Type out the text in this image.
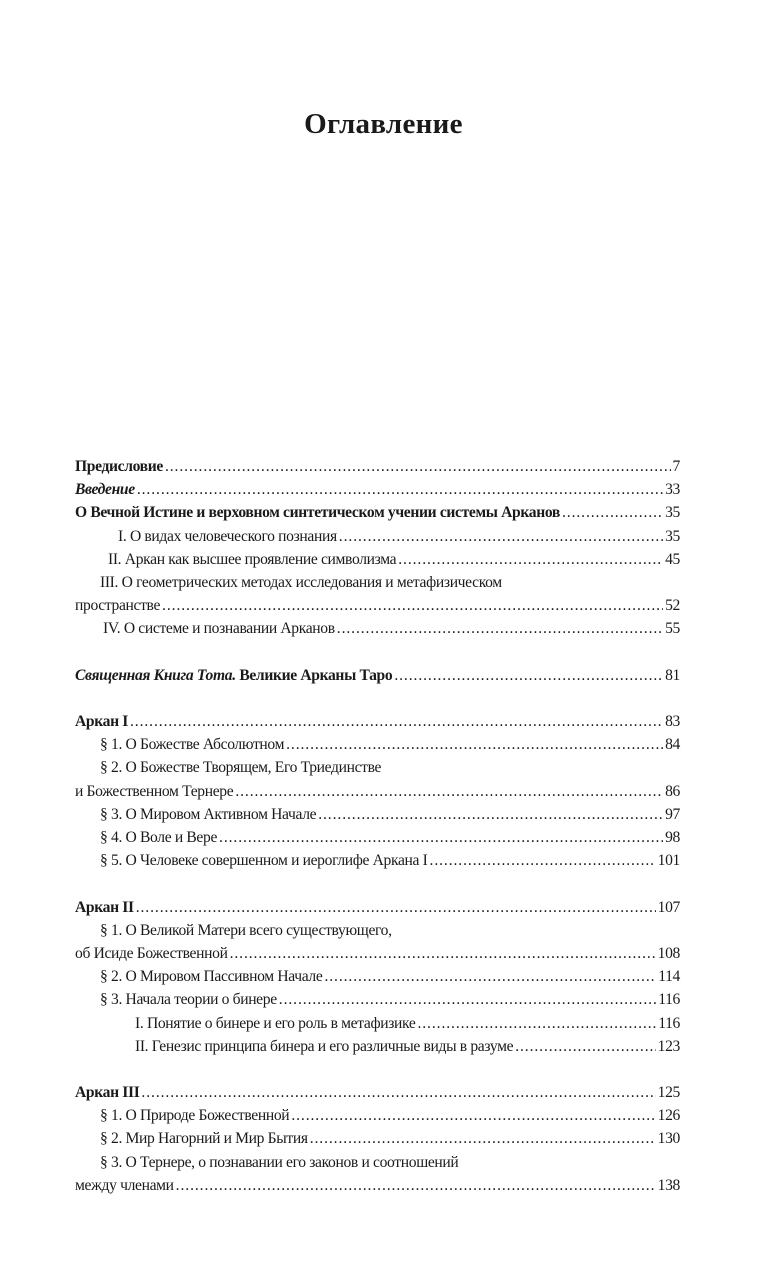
Оглавление
Предисловие . . .	7
Введение . . .	33
О Вечной Истине и верховном синтетическом учении системы Арканов . . .	35
I. О видах человеческого познания . . .	35
II. Аркан как высшее проявление символизма . . .	45
III. О геометрических методах исследования и метафизическом
пространстве . . .	52
IV. О системе и познавании Арканов . . .	55
Священная Книга Тота. Великие Арканы Таро . . .	81
Аркан I . . .	83
§ 1. О Божестве Абсолютном . . .	84
§ 2. О Божестве Творящем, Его Триединстве
и Божественном Тернере . . .	86
§ 3. О Мировом Активном Начале . . .	97
§ 4. О Воле и Вере . . .	98
§ 5. О Человеке совершенном и иероглифе Аркана I . . .	101
Аркан II . . .	107
§ 1. О Великой Матери всего существующего,
об Исиде Божественной . . .	108
§ 2. О Мировом Пассивном Начале . . .	114
§ 3. Начала теории о бинере . . .	116
I. Понятие о бинере и его роль в метафизике . . .	116
II. Генезис принципа бинера и его различные виды в разуме . . .	123
Аркан III . . .	125
§ 1. О Природе Божественной . . .	126
§ 2. Мир Нагорний и Мир Бытия . . .	130
§ 3. О Тернере, о познавании его законов и соотношений
между членами . . .	138
